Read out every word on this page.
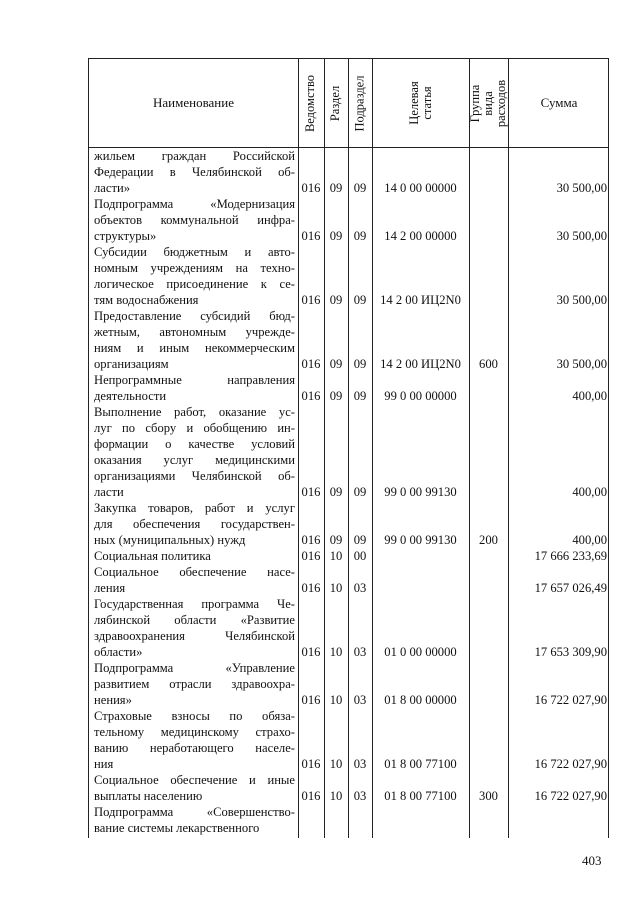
Наименование	Ведомство Раздел Подраздел	Целевая статья	Группа вида расходов	Сумма
жильем граждан Российской
Федерации в Челябинской об-
ласти»	016 09 09	14 0 00 00000	30 500,00
Подпрограмма «Модернизация
объектов коммунальной инфра-
структуры»	016 09 09	14 2 00 00000	30 500,00
Субсидии бюджетным и авто-
номным учреждениям на техно-
логическое присоединение к се-
тям водоснабжения	016 09 09	14 2 00 ИЦ2N0	30 500,00
Предоставление субсидий бюд-
жетным, автономным учрежде-
ниям и иным некоммерческим
организациям	016 09 09	14 2 00 ИЦ2N0	600	30 500,00
Непрограммные направления
деятельности	016 09 09	99 0 00 00000	400,00
Выполнение работ, оказание ус-
луг по сбору и обобщению ин-
формации о качестве условий
оказания услуг медицинскими
организациями Челябинской об-
ласти	016 09 09	99 0 00 99130	400,00
Закупка товаров, работ и услуг
для обеспечения государствен-
ных (муниципальных) нужд	016 09 09	99 0 00 99130	200	400,00
Социальная политика	016 10 00	17 666 233,69
Социальное обеспечение насе-
ления	016 10 03	17 657 026,49
Государственная программа Че-
лябинской области «Развитие
здравоохранения Челябинской
области»	016 10 03	01 0 00 00000	17 653 309,90
Подпрограмма «Управление
развитием отрасли здравоохра-
нения»	016 10 03	01 8 00 00000	16 722 027,90
Страховые взносы по обяза-
тельному медицинскому страхо-
ванию неработающего населе-
ния	016 10 03	01 8 00 77100	16 722 027,90
Социальное обеспечение и иные
выплаты населению	016 10 03	01 8 00 77100	300	16 722 027,90
Подпрограмма «Совершенство-
вание системы лекарственного
403
